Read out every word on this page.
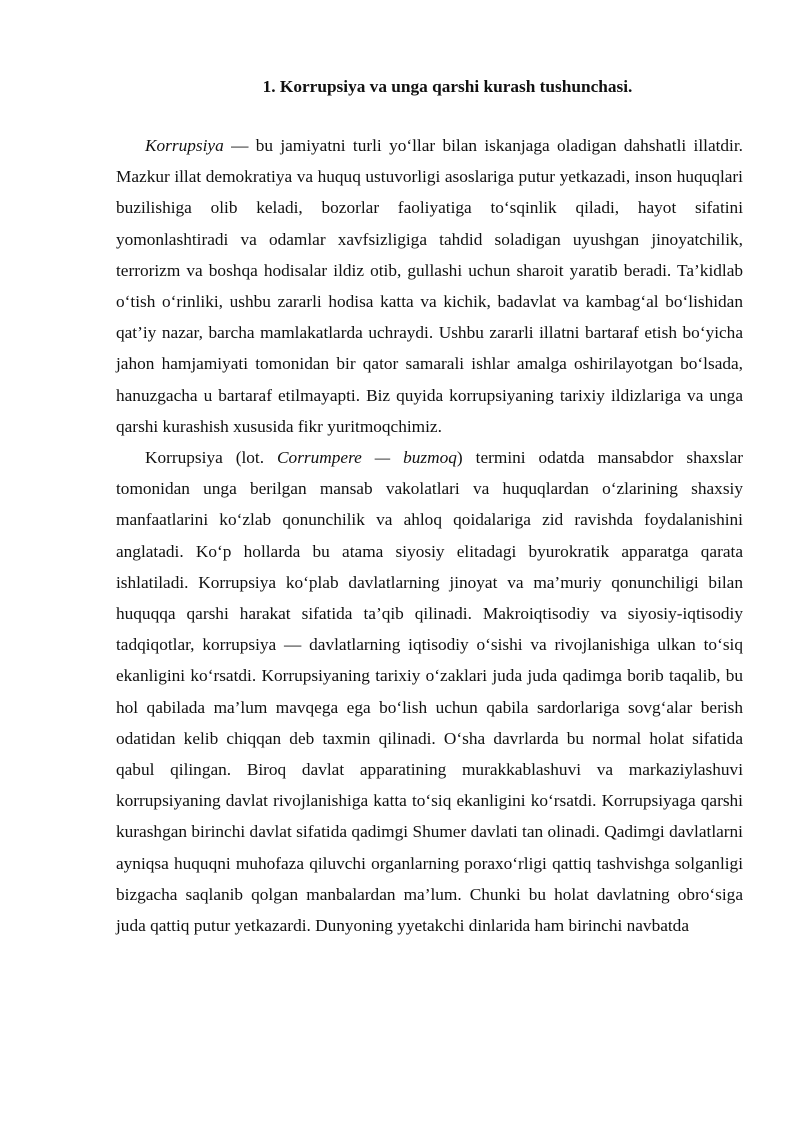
1. Korrupsiya va unga qarshi kurash tushunchasi.

Korrupsiya — bu jamiyatni turli yo‘llar bilan iskanjaga oladigan dahshatli illatdir. Mazkur illat demokratiya va huquq ustuvorligi asoslariga putur yetkazadi, inson huquqlari buzilishiga olib keladi, bozorlar faoliyatiga to‘sqinlik qiladi, hayot sifatini yomonlashtiradi va odamlar xavfsizligiga tahdid soladigan uyushgan jinoyatchilik, terrorizm va boshqa hodisalar ildiz otib, gullashi uchun sharoit yaratib beradi. Ta’kidlab o‘tish o‘rinliki, ushbu zararli hodisa katta va kichik, badavlat va kambag‘al bo‘lishidan qat’iy nazar, barcha mamlakatlarda uchraydi. Ushbu zararli illatni bartaraf etish bo‘yicha jahon hamjamiyati tomonidan bir qator samarali ishlar amalga oshirilayotgan bo‘lsada, hanuzgacha u bartaraf etilmayapti. Biz quyida korrupsiyaning tarixiy ildizlariga va unga qarshi kurashish xususida fikr yuritmoqchimiz.

Korrupsiya (lot. Corrumpere — buzmoq) termini odatda mansabdor shaxslar tomonidan unga berilgan mansab vakolatlari va huquqlardan o‘zlarining shaxsiy manfaatlarini ko‘zlab qonunchilik va ahloq qoidalariga zid ravishda foydalanishini anglatadi. Ko‘p hollarda bu atama siyosiy elitadagi byurokratik apparatga qarata ishlatiladi. Korrupsiya ko‘plab davlatlarning jinoyat va ma’muriy qonunchiligi bilan huquqqa qarshi harakat sifatida ta’qib qilinadi. Makroiqtisodiy va siyosiy-iqtisodiy tadqiqotlar, korrupsiya — davlatlarning iqtisodiy o‘sishi va rivojlanishiga ulkan to‘siq ekanligini ko‘rsatdi. Korrupsiyaning tarixiy o‘zaklari juda juda qadimga borib taqalib, bu hol qabilada ma’lum mavqega ega bo‘lish uchun qabila sardorlariga sovg‘alar berish odatidan kelib chiqqan deb taxmin qilinadi. O‘sha davrlarda bu normal holat sifatida qabul qilingan. Biroq davlat apparatining murakkablashuvi va markaziylashuvi korrupsiyaning davlat rivojlanishiga katta to‘siq ekanligini ko‘rsatdi. Korrupsiyaga qarshi kurashgan birinchi davlat sifatida qadimgi Shumer davlati tan olinadi. Qadimgi davlatlarni ayniqsa huquqni muhofaza qiluvchi organlarning poraxo‘rligi qattiq tashvishga solganligi bizgacha saqlanib qolgan manbalardan ma’lum. Chunki bu holat davlatning obro‘siga juda qattiq putur yetkazardi. Dunyoning yyetakchi dinlarida ham birinchi navbatda
